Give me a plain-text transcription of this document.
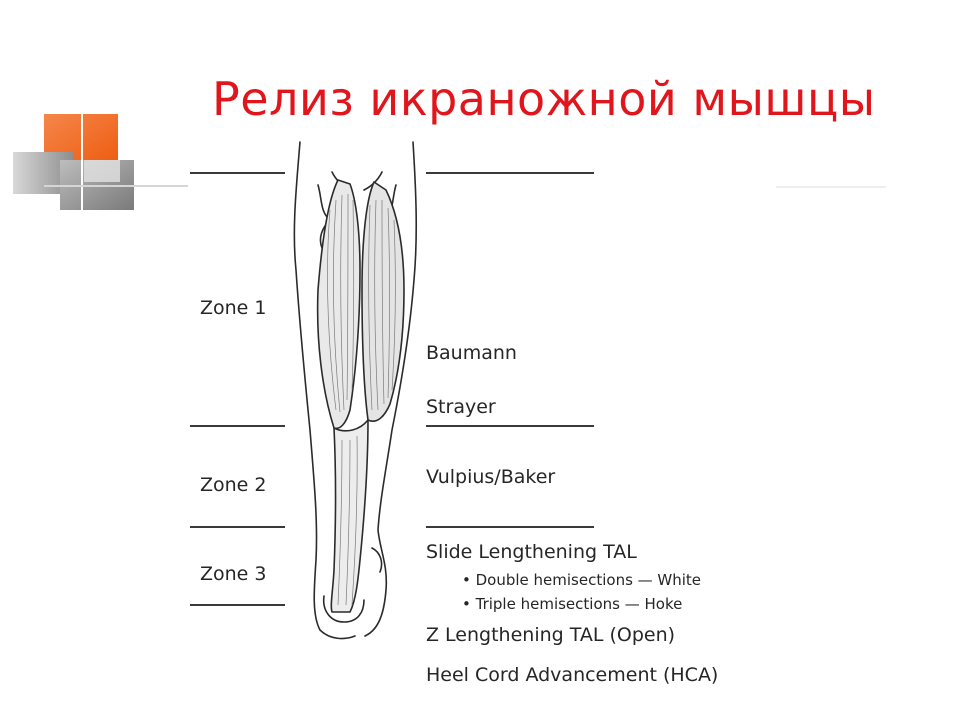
Релиз икраножной мышцы
Zone 1
Zone 2
Zone 3
Baumann
Strayer
Vulpius/Baker
Slide Lengthening TAL
• Double hemisections — White
• Triple hemisections — Hoke
Z Lengthening TAL (Open)
Heel Cord Advancement (HCA)
